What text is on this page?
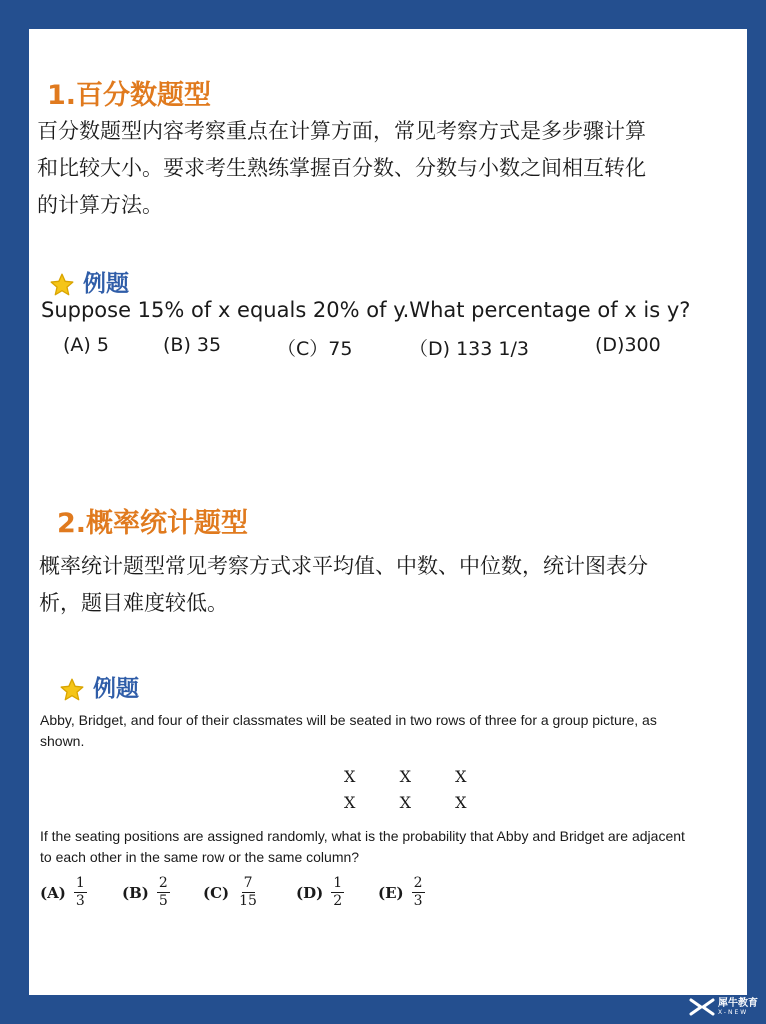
1.百分数题型
百分数题型内容考察重点在计算方面，常见考察方式是多步骤计算
和比较大小。要求考生熟练掌握百分数、分数与小数之间相互转化
的计算方法。
例题
Suppose 15% of x equals 20% of y.What percentage of x is y?
(A) 5	(B) 35	（C）75	（D) 133 1/3	(D)300
2.概率统计题型
概率统计题型常见考察方式求平均值、中数、中位数，统计图表分
析，题目难度较低。
例题
Abby, Bridget, and four of their classmates will be seated in two rows of three for a group picture, as
shown.
X	X	X
X	X	X
If the seating positions are assigned randomly, what is the probability that Abby and Bridget are adjacent
to each other in the same row or the same column?
$(A) \frac{1}{3} (B) \frac{2}{5} (C) \frac{7}{15} (D) \frac{1}{2} (E) \frac{2}{3}$
犀牛教育
X-NEW
